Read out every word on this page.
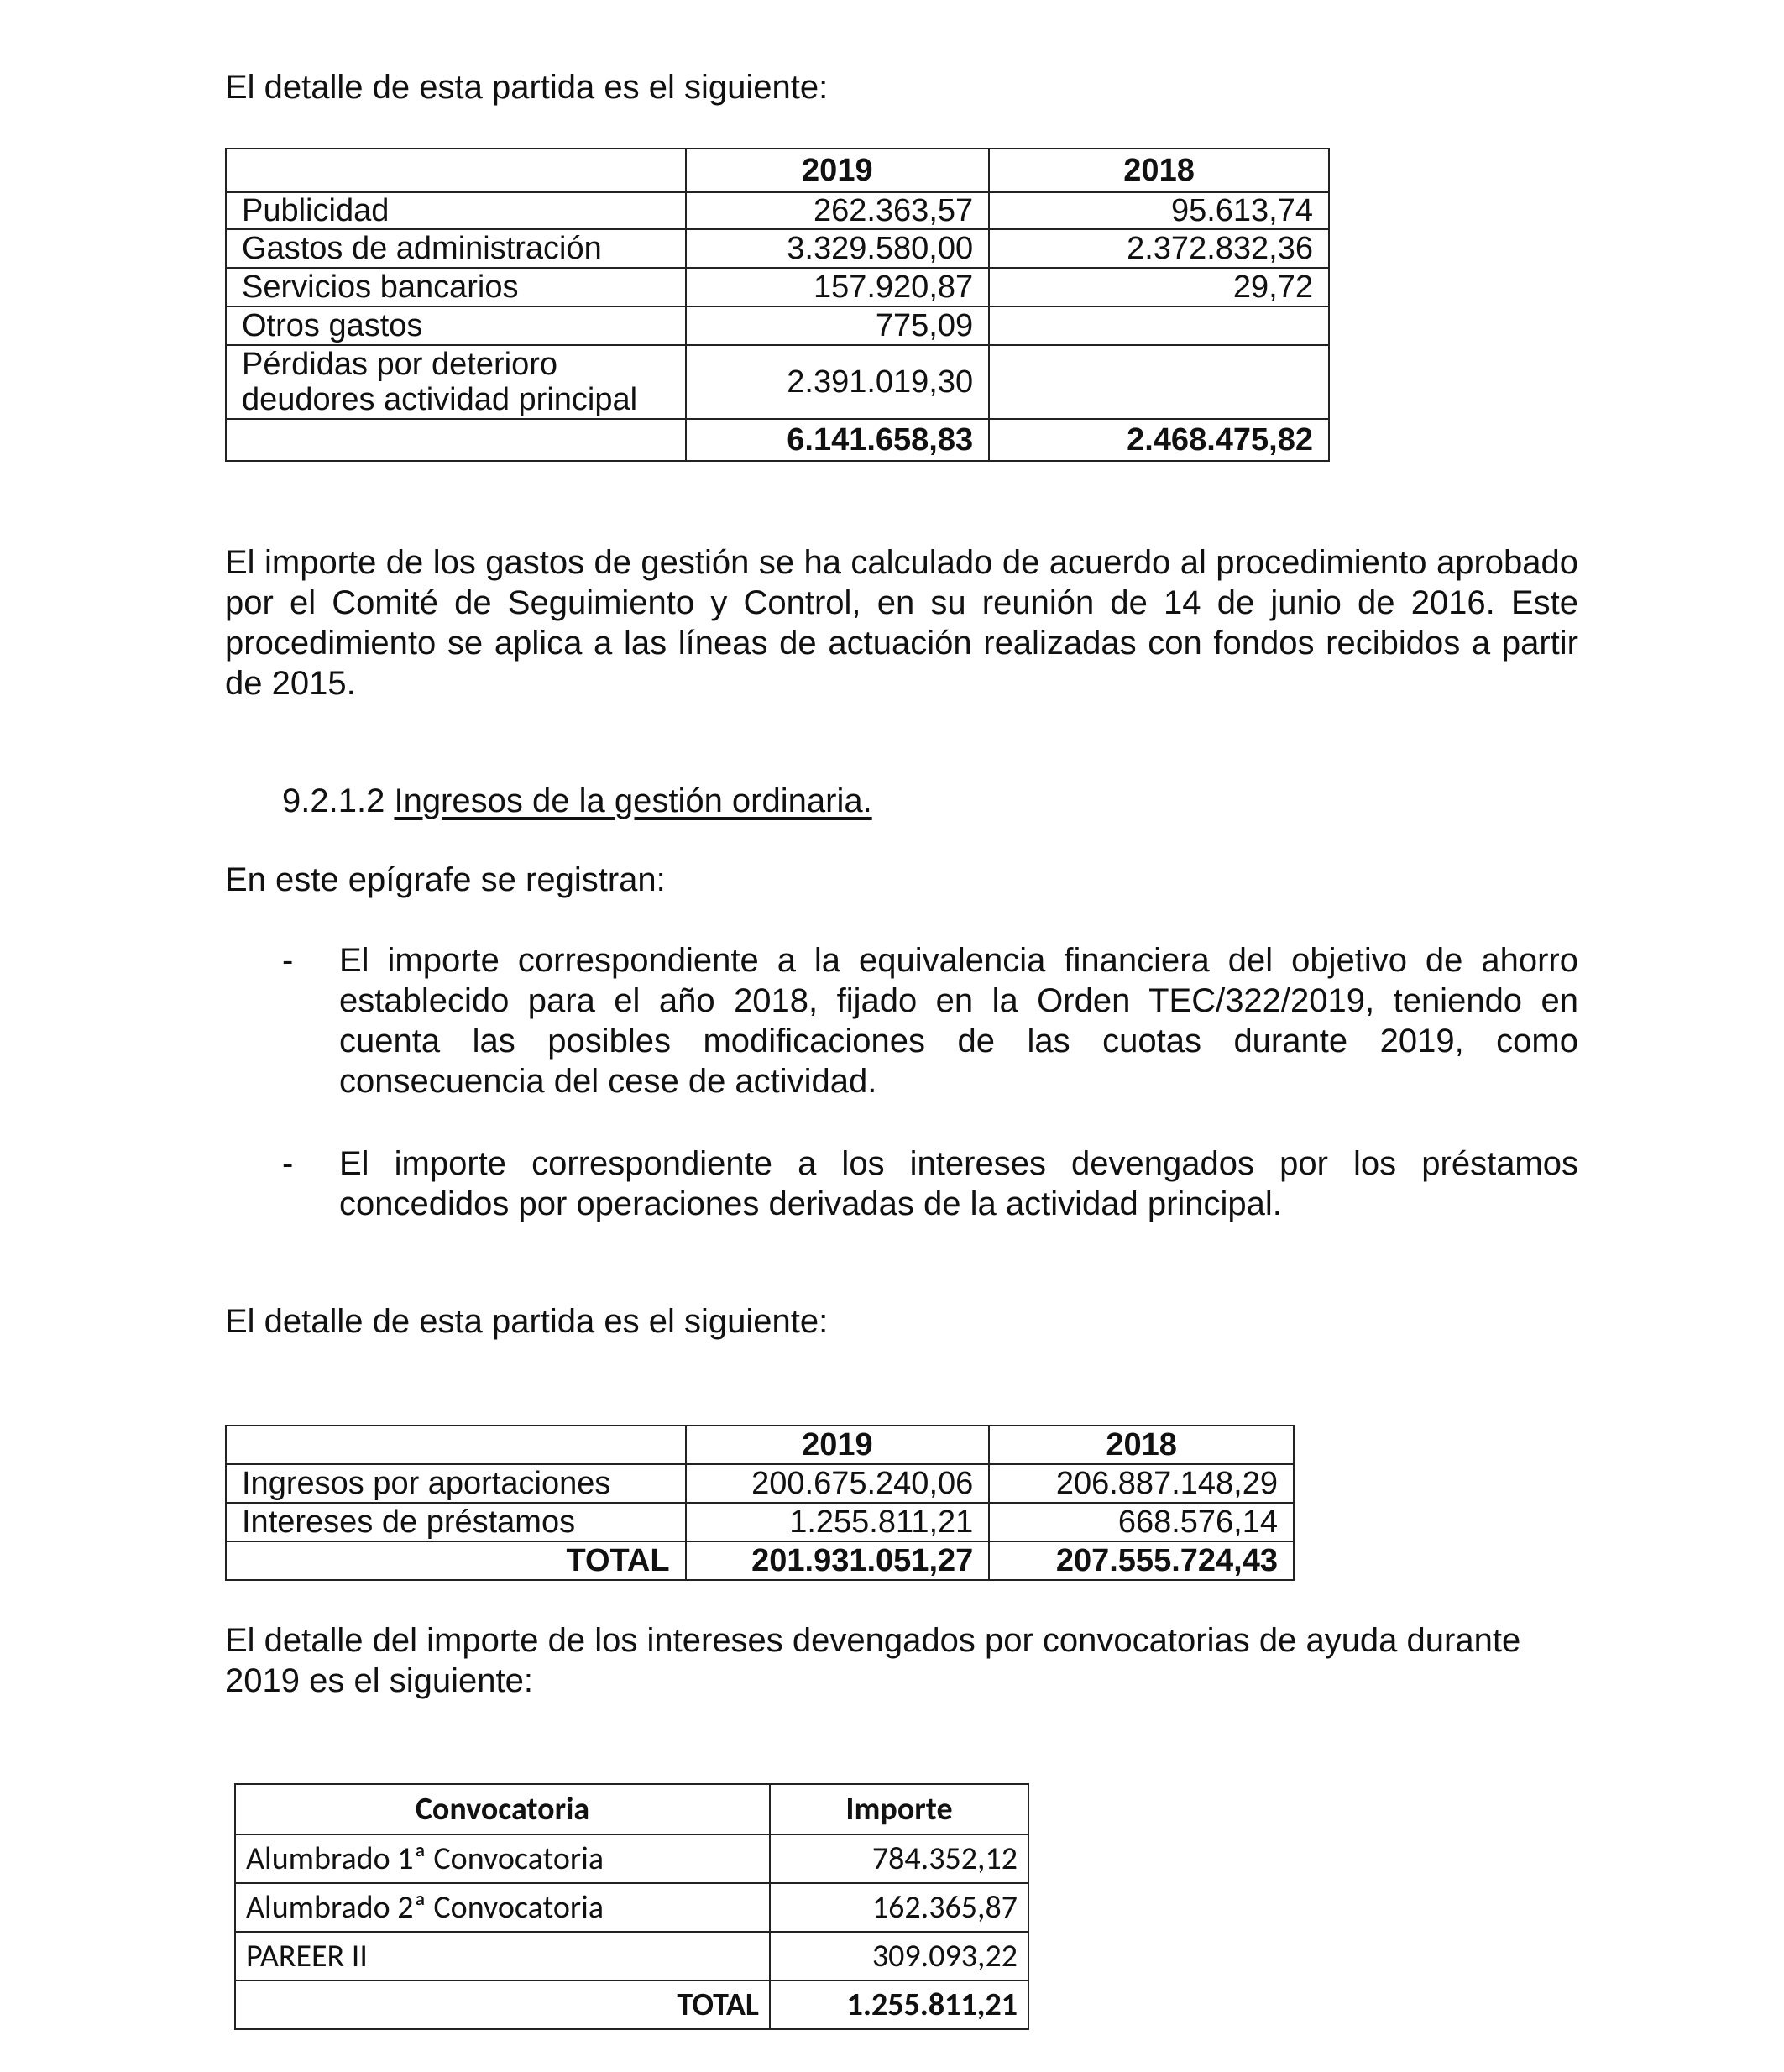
El detalle de esta partida es el siguiente:

	2019	2018
Publicidad	262.363,57	95.613,74
Gastos de administración	3.329.580,00	2.372.832,36
Servicios bancarios	157.920,87	29,72
Otros gastos	775,09	

Pérdidas por deterioro
deudores actividad principal	2.391.019,30	
	6.141.658,83	2.468.475,82

El importe de los gastos de gestión se ha calculado de acuerdo al procedimiento aprobado por el Comité de Seguimiento y Control, en su reunión de 14 de junio de 2016. Este procedimiento se aplica a las líneas de actuación realizadas con fondos recibidos a partir de 2015.

9.2.1.2 Ingresos de la gestión ordinaria.

En este epígrafe se registran:

- El importe correspondiente a la equivalencia financiera del objetivo de ahorro establecido para el año 2018, fijado en la Orden TEC/322/2019, teniendo en cuenta las posibles modificaciones de las cuotas durante 2019, como consecuencia del cese de actividad.
- El importe correspondiente a los intereses devengados por los préstamos concedidos por operaciones derivadas de la actividad principal.

El detalle de esta partida es el siguiente:

	2019	2018
Ingresos por aportaciones	200.675.240,06	206.887.148,29
Intereses de préstamos	1.255.811,21	668.576,14
TOTAL	201.931.051,27	207.555.724,43

El detalle del importe de los intereses devengados por convocatorias de ayuda durante 2019 es el siguiente:

Convocatoria	Importe
Alumbrado 1ª Convocatoria	784.352,12
Alumbrado 2ª Convocatoria	162.365,87
PAREER II	309.093,22
TOTAL	1.255.811,21
